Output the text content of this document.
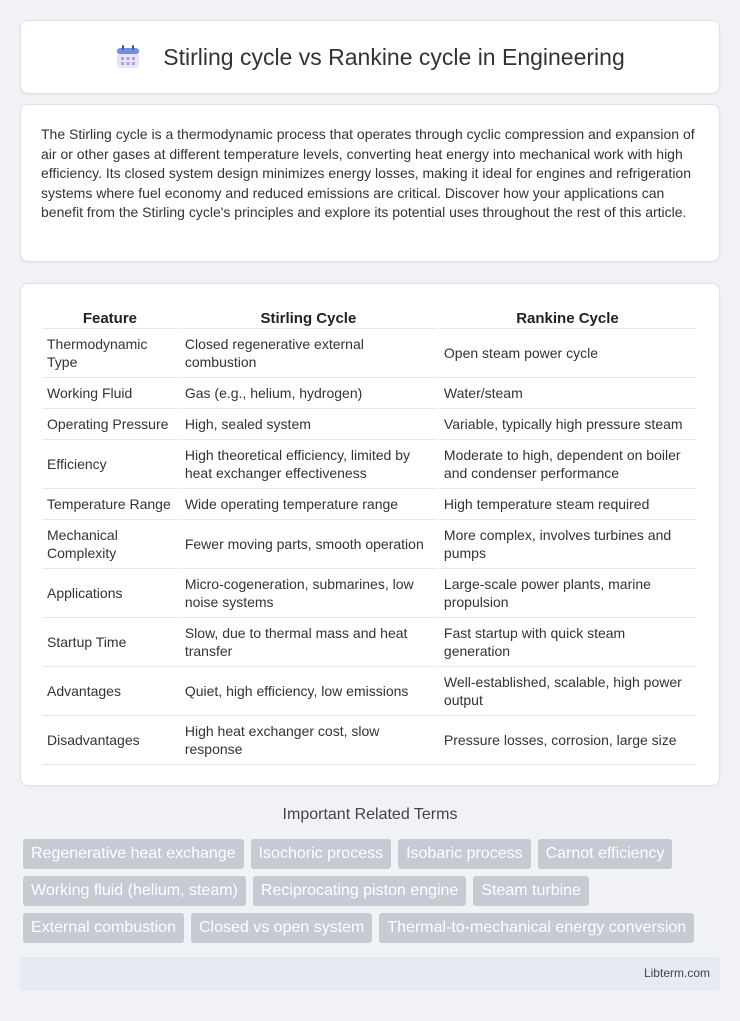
Stirling cycle vs Rankine cycle in Engineering

The Stirling cycle is a thermodynamic process that operates through cyclic compression and expansion of air or other gases at different temperature levels, converting heat energy into mechanical work with high efficiency. Its closed system design minimizes energy losses, making it ideal for engines and refrigeration systems where fuel economy and reduced emissions are critical. Discover how your applications can benefit from the Stirling cycle's principles and explore its potential uses throughout the rest of this article.

Feature	Stirling Cycle	Rankine Cycle
Thermodynamic Type	Closed regenerative external combustion	Open steam power cycle
Working Fluid	Gas (e.g., helium, hydrogen)	Water/steam
Operating Pressure	High, sealed system	Variable, typically high pressure steam
Efficiency	High theoretical efficiency, limited by heat exchanger effectiveness	Moderate to high, dependent on boiler and condenser performance
Temperature Range	Wide operating temperature range	High temperature steam required
Mechanical Complexity	Fewer moving parts, smooth operation	More complex, involves turbines and pumps
Applications	Micro-cogeneration, submarines, low noise systems	Large-scale power plants, marine propulsion
Startup Time	Slow, due to thermal mass and heat transfer	Fast startup with quick steam generation
Advantages	Quiet, high efficiency, low emissions	Well-established, scalable, high power output
Disadvantages	High heat exchanger cost, slow response	Pressure losses, corrosion, large size
Important Related Terms
Regenerative heat exchange	Isochoric process	Isobaric process	Carnot efficiency
Working fluid (helium, steam)	Reciprocating piston engine	Steam turbine
External combustion	Closed vs open system	Thermal-to-mechanical energy conversion
Libterm.com
